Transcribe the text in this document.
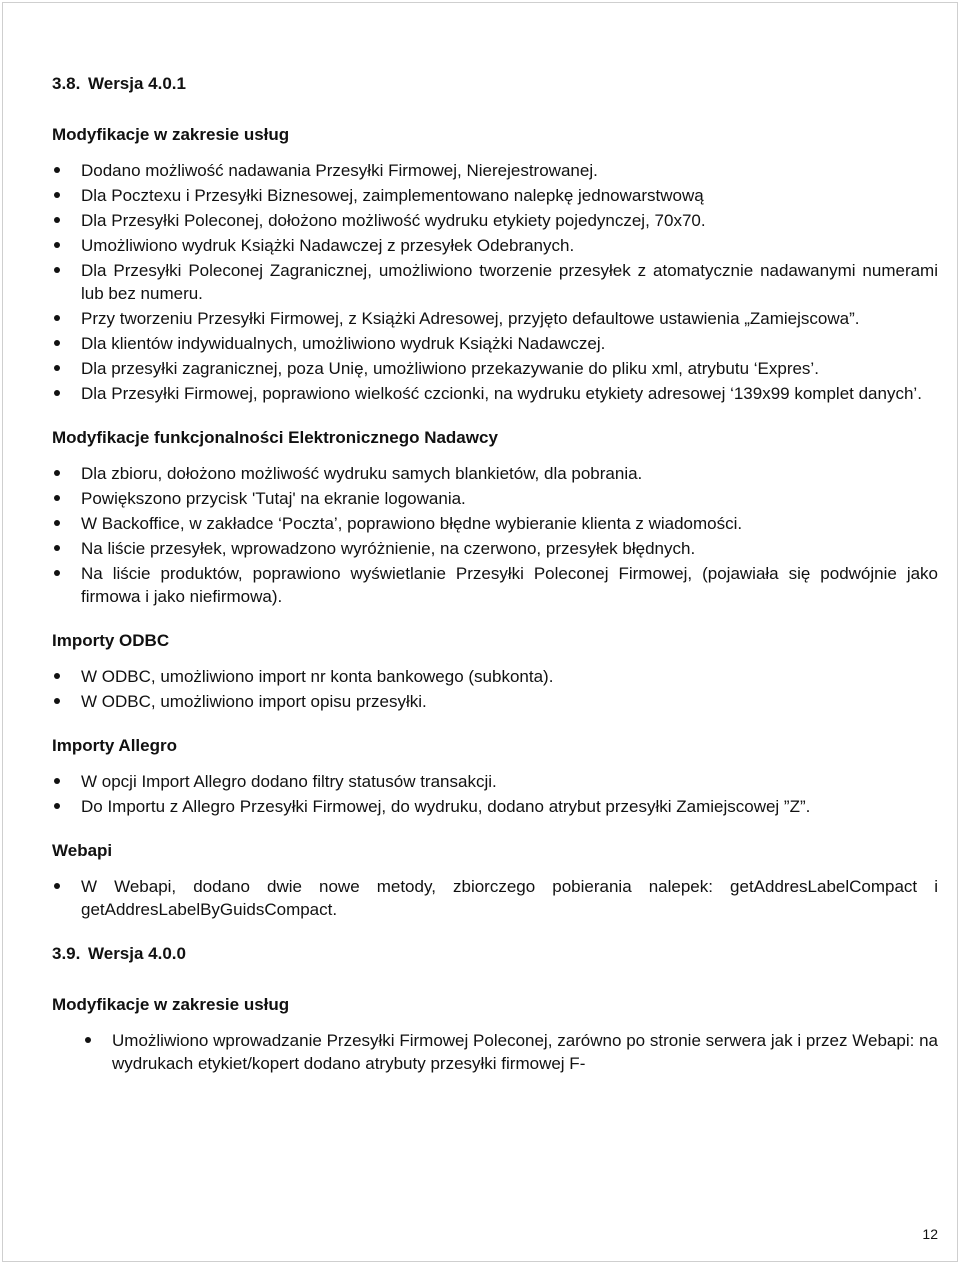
3.8. Wersja 4.0.1
Modyfikacje w zakresie usług
Dodano możliwość nadawania Przesyłki Firmowej, Nierejestrowanej.
Dla Pocztexu i Przesyłki Biznesowej, zaimplementowano nalepkę jednowarstwową
Dla Przesyłki Poleconej, dołożono możliwość wydruku etykiety pojedynczej, 70x70.
Umożliwiono wydruk Książki Nadawczej z przesyłek Odebranych.
Dla Przesyłki Poleconej Zagranicznej, umożliwiono tworzenie przesyłek z atomatycznie nadawanymi numerami lub bez numeru.
Przy tworzeniu Przesyłki Firmowej, z Książki Adresowej, przyjęto defaultowe ustawienia „Zamiejscowa”.
Dla klientów indywidualnych, umożliwiono wydruk Książki Nadawczej.
Dla przesyłki zagranicznej, poza Unię, umożliwiono przekazywanie do pliku xml, atrybutu ‘Expres’.
Dla Przesyłki Firmowej, poprawiono wielkość czcionki, na wydruku etykiety adresowej ‘139x99 komplet danych’.
Modyfikacje funkcjonalności Elektronicznego Nadawcy
Dla zbioru, dołożono możliwość wydruku samych blankietów, dla pobrania.
Powiększono przycisk 'Tutaj' na ekranie logowania.
W Backoffice, w zakładce ‘Poczta’, poprawiono błędne wybieranie klienta z wiadomości.
Na liście przesyłek, wprowadzono wyróżnienie, na czerwono, przesyłek błędnych.
Na liście produktów, poprawiono wyświetlanie Przesyłki Poleconej Firmowej, (pojawiała się podwójnie jako firmowa i jako niefirmowa).
Importy ODBC
W ODBC, umożliwiono import nr konta bankowego (subkonta).
W ODBC, umożliwiono import opisu przesyłki.
Importy Allegro
W opcji Import Allegro dodano filtry statusów transakcji.
Do Importu z Allegro Przesyłki Firmowej, do wydruku, dodano atrybut przesyłki Zamiejscowej ”Z”.
Webapi
W Webapi, dodano dwie nowe metody, zbiorczego pobierania nalepek: getAddresLabelCompact i getAddresLabelByGuidsCompact.
3.9. Wersja 4.0.0
Modyfikacje w zakresie usług
Umożliwiono wprowadzanie Przesyłki Firmowej Poleconej, zarówno po stronie serwera jak i przez Webapi: na wydrukach etykiet/kopert dodano atrybuty przesyłki firmowej F-
12
